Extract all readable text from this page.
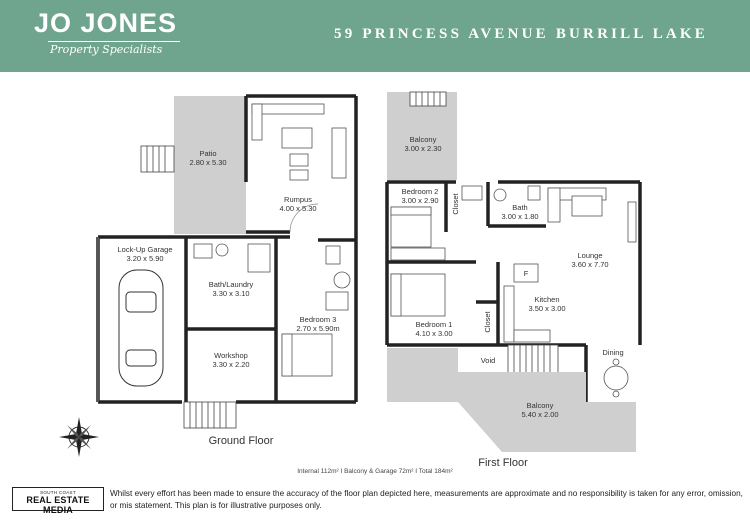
JO JONES
Property Specialists
59 PRINCESS AVENUE BURRILL LAKE
Patio
2.80 x 5.30
Rumpus
4.00 x 5.30
Lock-Up Garage
3.20 x 5.90
Bath/Laundry
3.30 x 3.10
Bedroom 3
2.70 x 5.90m
Workshop
3.30 x 2.20
Ground Floor
F
Balcony
3.00 x 2.30
Bedroom 2
3.00 x 2.90 Closet	Bath
3.00 x 1.80
Lounge
3.60 x 7.70
Bedroom 1
4.10 x 3.00
Closet
Kitchen
3.50 x 3.00
Dining
Void
Balcony
5.40 x 2.00
First Floor
Internal 112m² I Balcony & Garage 72m² I Total 184m²
SOUTH COAST
REAL ESTATE MEDIA
Whilst every effort has been made to ensure the accuracy of the floor plan depicted here, measurements are approximate and no responsibility is taken for any error, omission, or mis statement. This plan is for illustrative purposes only.
